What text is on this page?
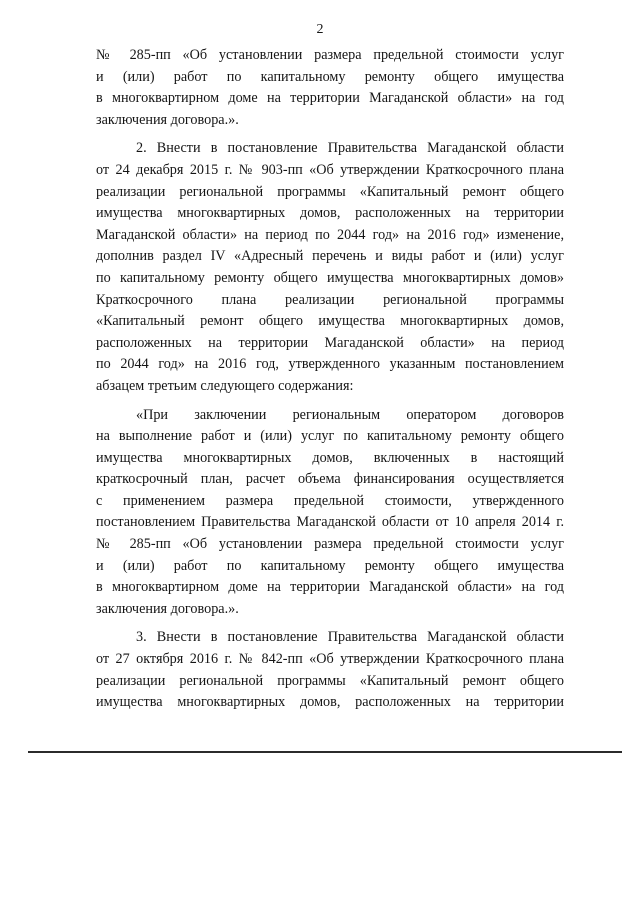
2

№ 285-пп «Об установлении размера предельной стоимости услуг
и (или) работ по капитальному ремонту общего имущества
в многоквартирном доме на территории Магаданской области» на год
заключения договора.».

2. Внести в постановление Правительства Магаданской области
от 24 декабря 2015 г. № 903-пп «Об утверждении Краткосрочного плана
реализации региональной программы «Капитальный ремонт общего
имущества многоквартирных домов, расположенных на территории
Магаданской области» на период по 2044 год» на 2016 год» изменение,
дополнив раздел IV «Адресный перечень и виды работ и (или) услуг
по капитальному ремонту общего имущества многоквартирных домов»
Краткосрочного плана реализации региональной программы
«Капитальный ремонт общего имущества многоквартирных домов,
расположенных на территории Магаданской области» на период
по 2044 год» на 2016 год, утвержденного указанным постановлением
абзацем третьим следующего содержания:

«При заключении региональным оператором договоров
на выполнение работ и (или) услуг по капитальному ремонту общего
имущества многоквартирных домов, включенных в настоящий
краткосрочный план, расчет объема финансирования осуществляется
с применением размера предельной стоимости, утвержденного
постановлением Правительства Магаданской области от 10 апреля 2014 г.
№ 285-пп «Об установлении размера предельной стоимости услуг
и (или) работ по капитальному ремонту общего имущества
в многоквартирном доме на территории Магаданской области» на год
заключения договора.».

3. Внести в постановление Правительства Магаданской области
от 27 октября 2016 г. № 842-пп «Об утверждении Краткосрочного плана
реализации региональной программы «Капитальный ремонт общего
имущества многоквартирных домов, расположенных на территории
